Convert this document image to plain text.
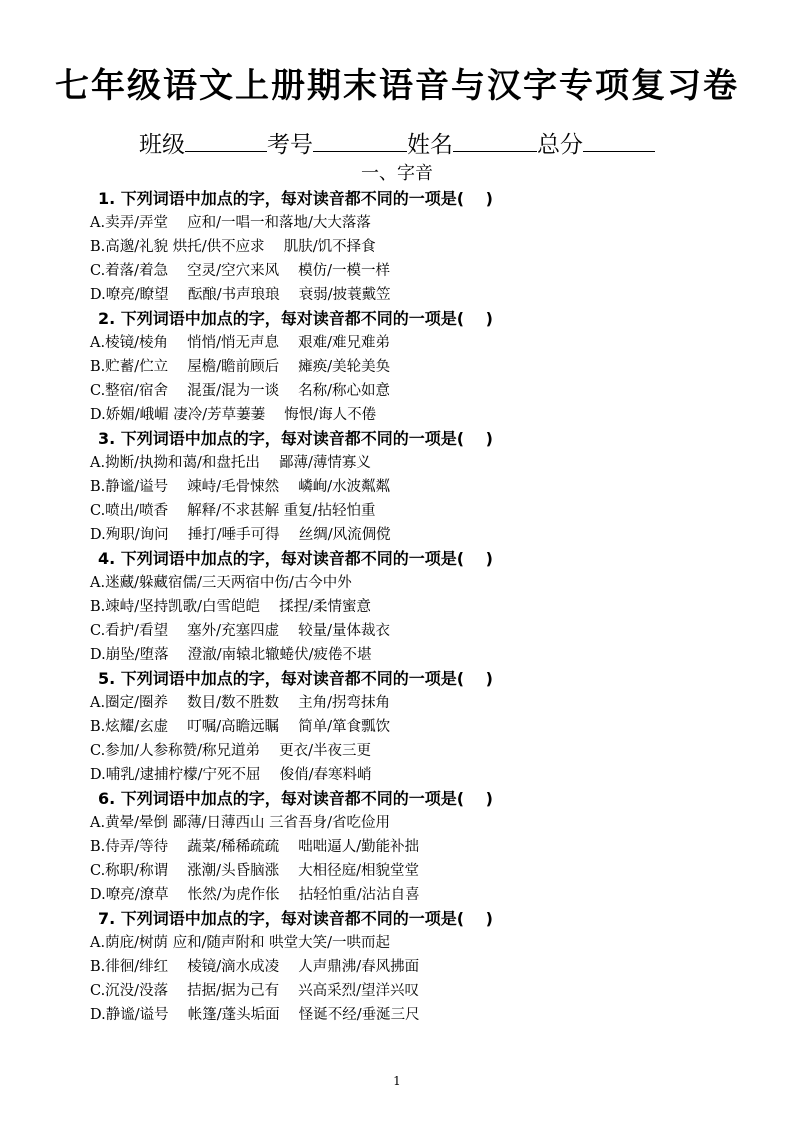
七年级语文上册期末语音与汉字专项复习卷
班级	考号	姓名	总分
一、字音
1. 下列词语中加点的字，每对读音都不同的一项是(　 )
A.卖弄/弄堂　 应和/一唱一和落地/大大落落
B.高邈/礼貌 烘托/供不应求　 肌肤/饥不择食
C.着落/着急　 空灵/空穴来风　 模仿/一模一样
D.嘹亮/瞭望　 酝酿/书声琅琅　 衰弱/披蓑戴笠
2. 下列词语中加点的字，每对读音都不同的一项是(　 )
A.棱镜/棱角　 悄悄/悄无声息　 艰难/难兄难弟
B.贮蓄/伫立　 屋檐/瞻前顾后　 瘫痪/美轮美奂
C.整宿/宿舍　 混蛋/混为一谈　 名称/称心如意
D.娇媚/峨嵋 凄冷/芳草萋萋　 悔恨/诲人不倦
3. 下列词语中加点的字，每对读音都不同的一项是(　 )
A.拗断/执拗和蔼/和盘托出　 鄙薄/薄情寡义
B.静谧/谥号　 竦峙/毛骨悚然　 嶙峋/水波粼粼
C.喷出/喷香　 解释/不求甚解 重复/拈轻怕重
D.殉职/询问　 捶打/唾手可得　 丝绸/风流倜傥
4. 下列词语中加点的字，每对读音都不同的一项是(　 )
A.迷藏/躲藏宿儒/三天两宿中伤/古今中外
B.竦峙/坚持凯歌/白雪皑皑　 揉捏/柔情蜜意
C.看护/看望　 塞外/充塞四虚　 较量/量体裁衣
D.崩坠/堕落　 澄澈/南辕北辙蜷伏/疲倦不堪
5. 下列词语中加点的字，每对读音都不同的一项是(　 )
A.圈定/圈养　 数目/数不胜数　 主角/拐弯抹角
B.炫耀/玄虚　 叮嘱/高瞻远瞩　 简单/箪食瓢饮
C.参加/人参称赞/称兄道弟　 更衣/半夜三更
D.哺乳/逮捕柠檬/宁死不屈　 俊俏/春寒料峭
6. 下列词语中加点的字，每对读音都不同的一项是(　 )
A.黄晕/晕倒 鄙薄/日薄西山 三省吾身/省吃俭用
B.侍弄/等待　 蔬菜/稀稀疏疏　 咄咄逼人/勤能补拙
C.称职/称谓　 涨潮/头昏脑涨　 大相径庭/相貌堂堂
D.嘹亮/潦草　 怅然/为虎作伥　 拈轻怕重/沾沾自喜
7. 下列词语中加点的字，每对读音都不同的一项是(　 )
A.荫庇/树荫 应和/随声附和 哄堂大笑/一哄而起
B.徘徊/绯红　 棱镜/滴水成凌　 人声鼎沸/春风拂面
C.沉没/没落　 拮据/据为己有　 兴高采烈/望洋兴叹
D.静谧/谥号　 帐篷/蓬头垢面　 怪诞不经/垂涎三尺
1
